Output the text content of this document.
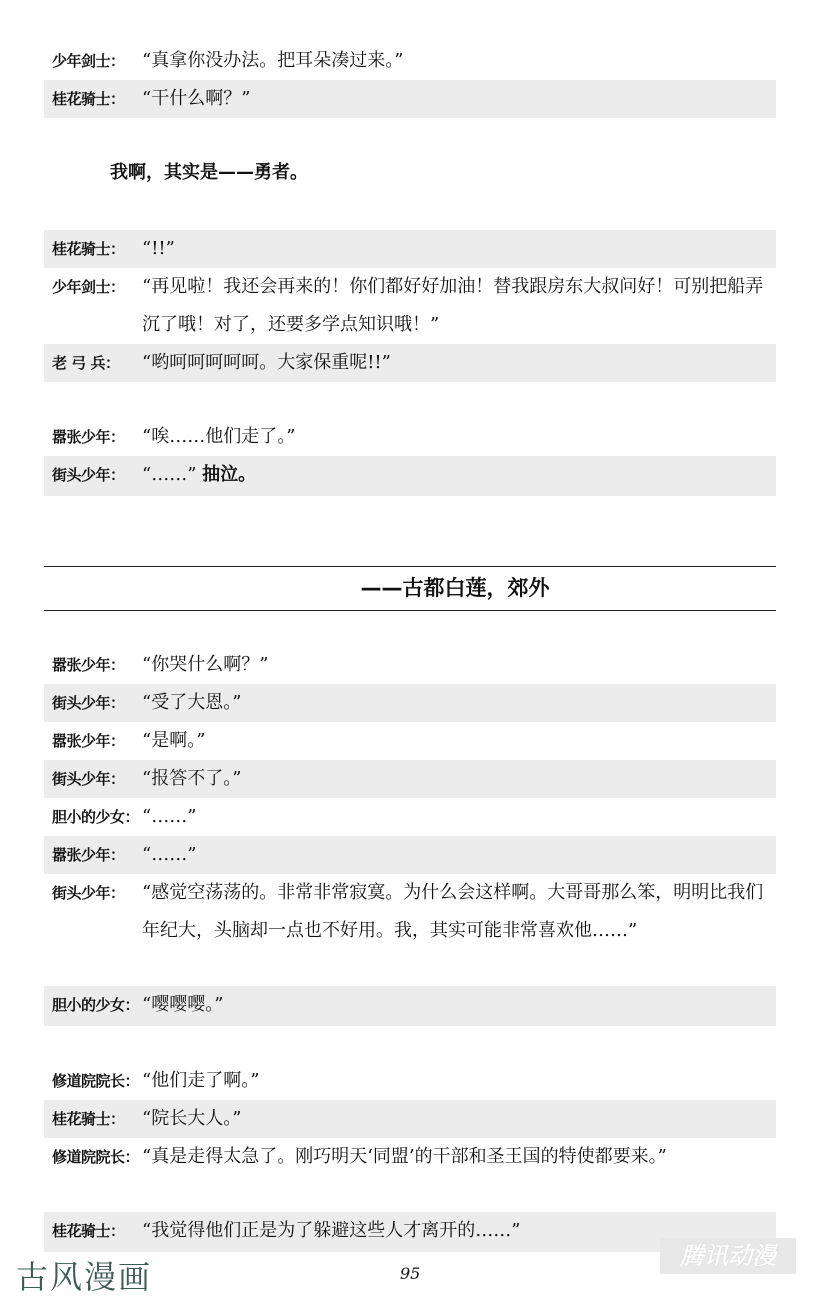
少年剑士： “真拿你没办法。把耳朵凑过来。”
桂花骑士： “干什么啊？”
我啊，其实是——勇者。
桂花骑士： “!!”
少年剑士： “再见啦！我还会再来的！你们都好好加油！替我跟房东大叔问好！可别把船弄沉了哦！对了，还要多学点知识哦！”
老 弓 兵：	“哟呵呵呵呵呵。大家保重呢!!”
嚣张少年： “唉……他们走了。”
街头少年： “……” 抽泣。
——古都白莲，郊外
嚣张少年： “你哭什么啊？”
街头少年： “受了大恩。”
嚣张少年： “是啊。”
街头少年： “报答不了。”
胆小的少女： “……”
嚣张少年： “……”
街头少年： “感觉空荡荡的。非常非常寂寞。为什么会这样啊。大哥哥那么笨，明明比我们年纪大，头脑却一点也不好用。我，其实可能非常喜欢他……”
胆小的少女： “嘤嘤嘤。”
修道院院长： “他们走了啊。”
桂花骑士： “院长大人。”
修道院院长： “真是走得太急了。刚巧明天‘同盟’的干部和圣王国的特使都要来。”
桂花骑士： “我觉得他们正是为了躲避这些人才离开的……”
古风漫画	95
腾讯动漫
